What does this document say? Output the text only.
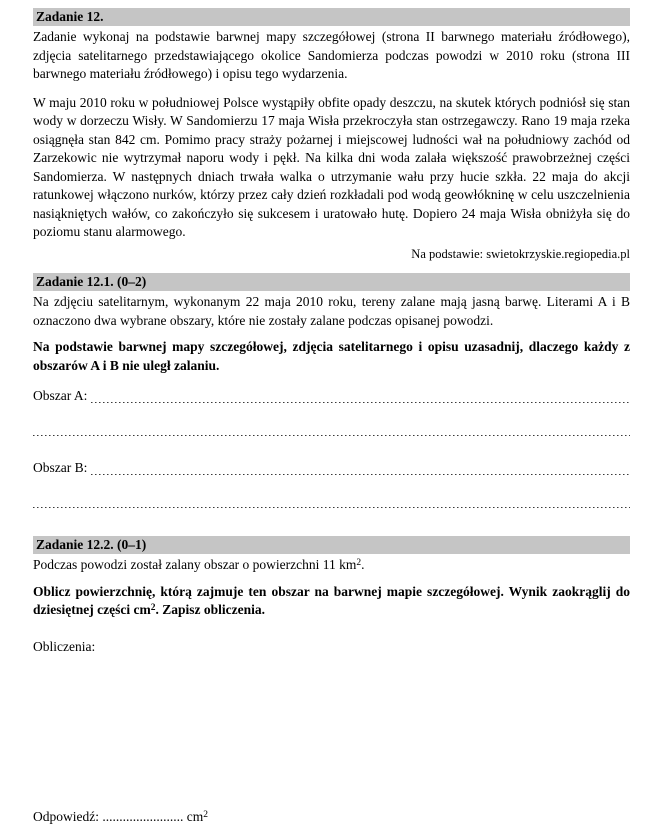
Zadanie 12.

Zadanie wykonaj na podstawie barwnej mapy szczegółowej (strona II barwnego materiału źródłowego), zdjęcia satelitarnego przedstawiającego okolice Sandomierza podczas powodzi w 2010 roku (strona III barwnego materiału źródłowego) i opisu tego wydarzenia.

W maju 2010 roku w południowej Polsce wystąpiły obfite opady deszczu, na skutek których podniósł się stan wody w dorzeczu Wisły. W Sandomierzu 17 maja Wisła przekroczyła stan ostrzegawczy. Rano 19 maja rzeka osiągnęła stan 842 cm. Pomimo pracy straży pożarnej i miejscowej ludności wał na południowy zachód od Zarzekowic nie wytrzymał naporu wody i pękł. Na kilka dni woda zalała większość prawobrzeżnej części Sandomierza. W następnych dniach trwała walka o utrzymanie wału przy hucie szkła. 22 maja do akcji ratunkowej włączono nurków, którzy przez cały dzień rozkładali pod wodą geowłókninę w celu uszczelnienia nasiąkniętych wałów, co zakończyło się sukcesem i uratowało hutę. Dopiero 24 maja Wisła obniżyła się do poziomu stanu alarmowego.

Na podstawie: swietokrzyskie.regiopedia.pl

Zadanie 12.1. (0–2)

Na zdjęciu satelitarnym, wykonanym 22 maja 2010 roku, tereny zalane mają jasną barwę. Literami A i B oznaczono dwa wybrane obszary, które nie zostały zalane podczas opisanej powodzi.

Na podstawie barwnej mapy szczegółowej, zdjęcia satelitarnego i opisu uzasadnij, dlaczego każdy z obszarów A i B nie uległ zalaniu.

Obszar A:
Obszar B:
Zadanie 12.2. (0–1)

Podczas powodzi został zalany obszar o powierzchni 11 $km^2$.

Oblicz powierzchnię, którą zajmuje ten obszar na barwnej mapie szczegółowej. Wynik zaokrąglij do dziesiętnej części $cm^2$. Zapisz obliczenia.

Obliczenia:

Odpowiedź: ........................ $cm^2$
